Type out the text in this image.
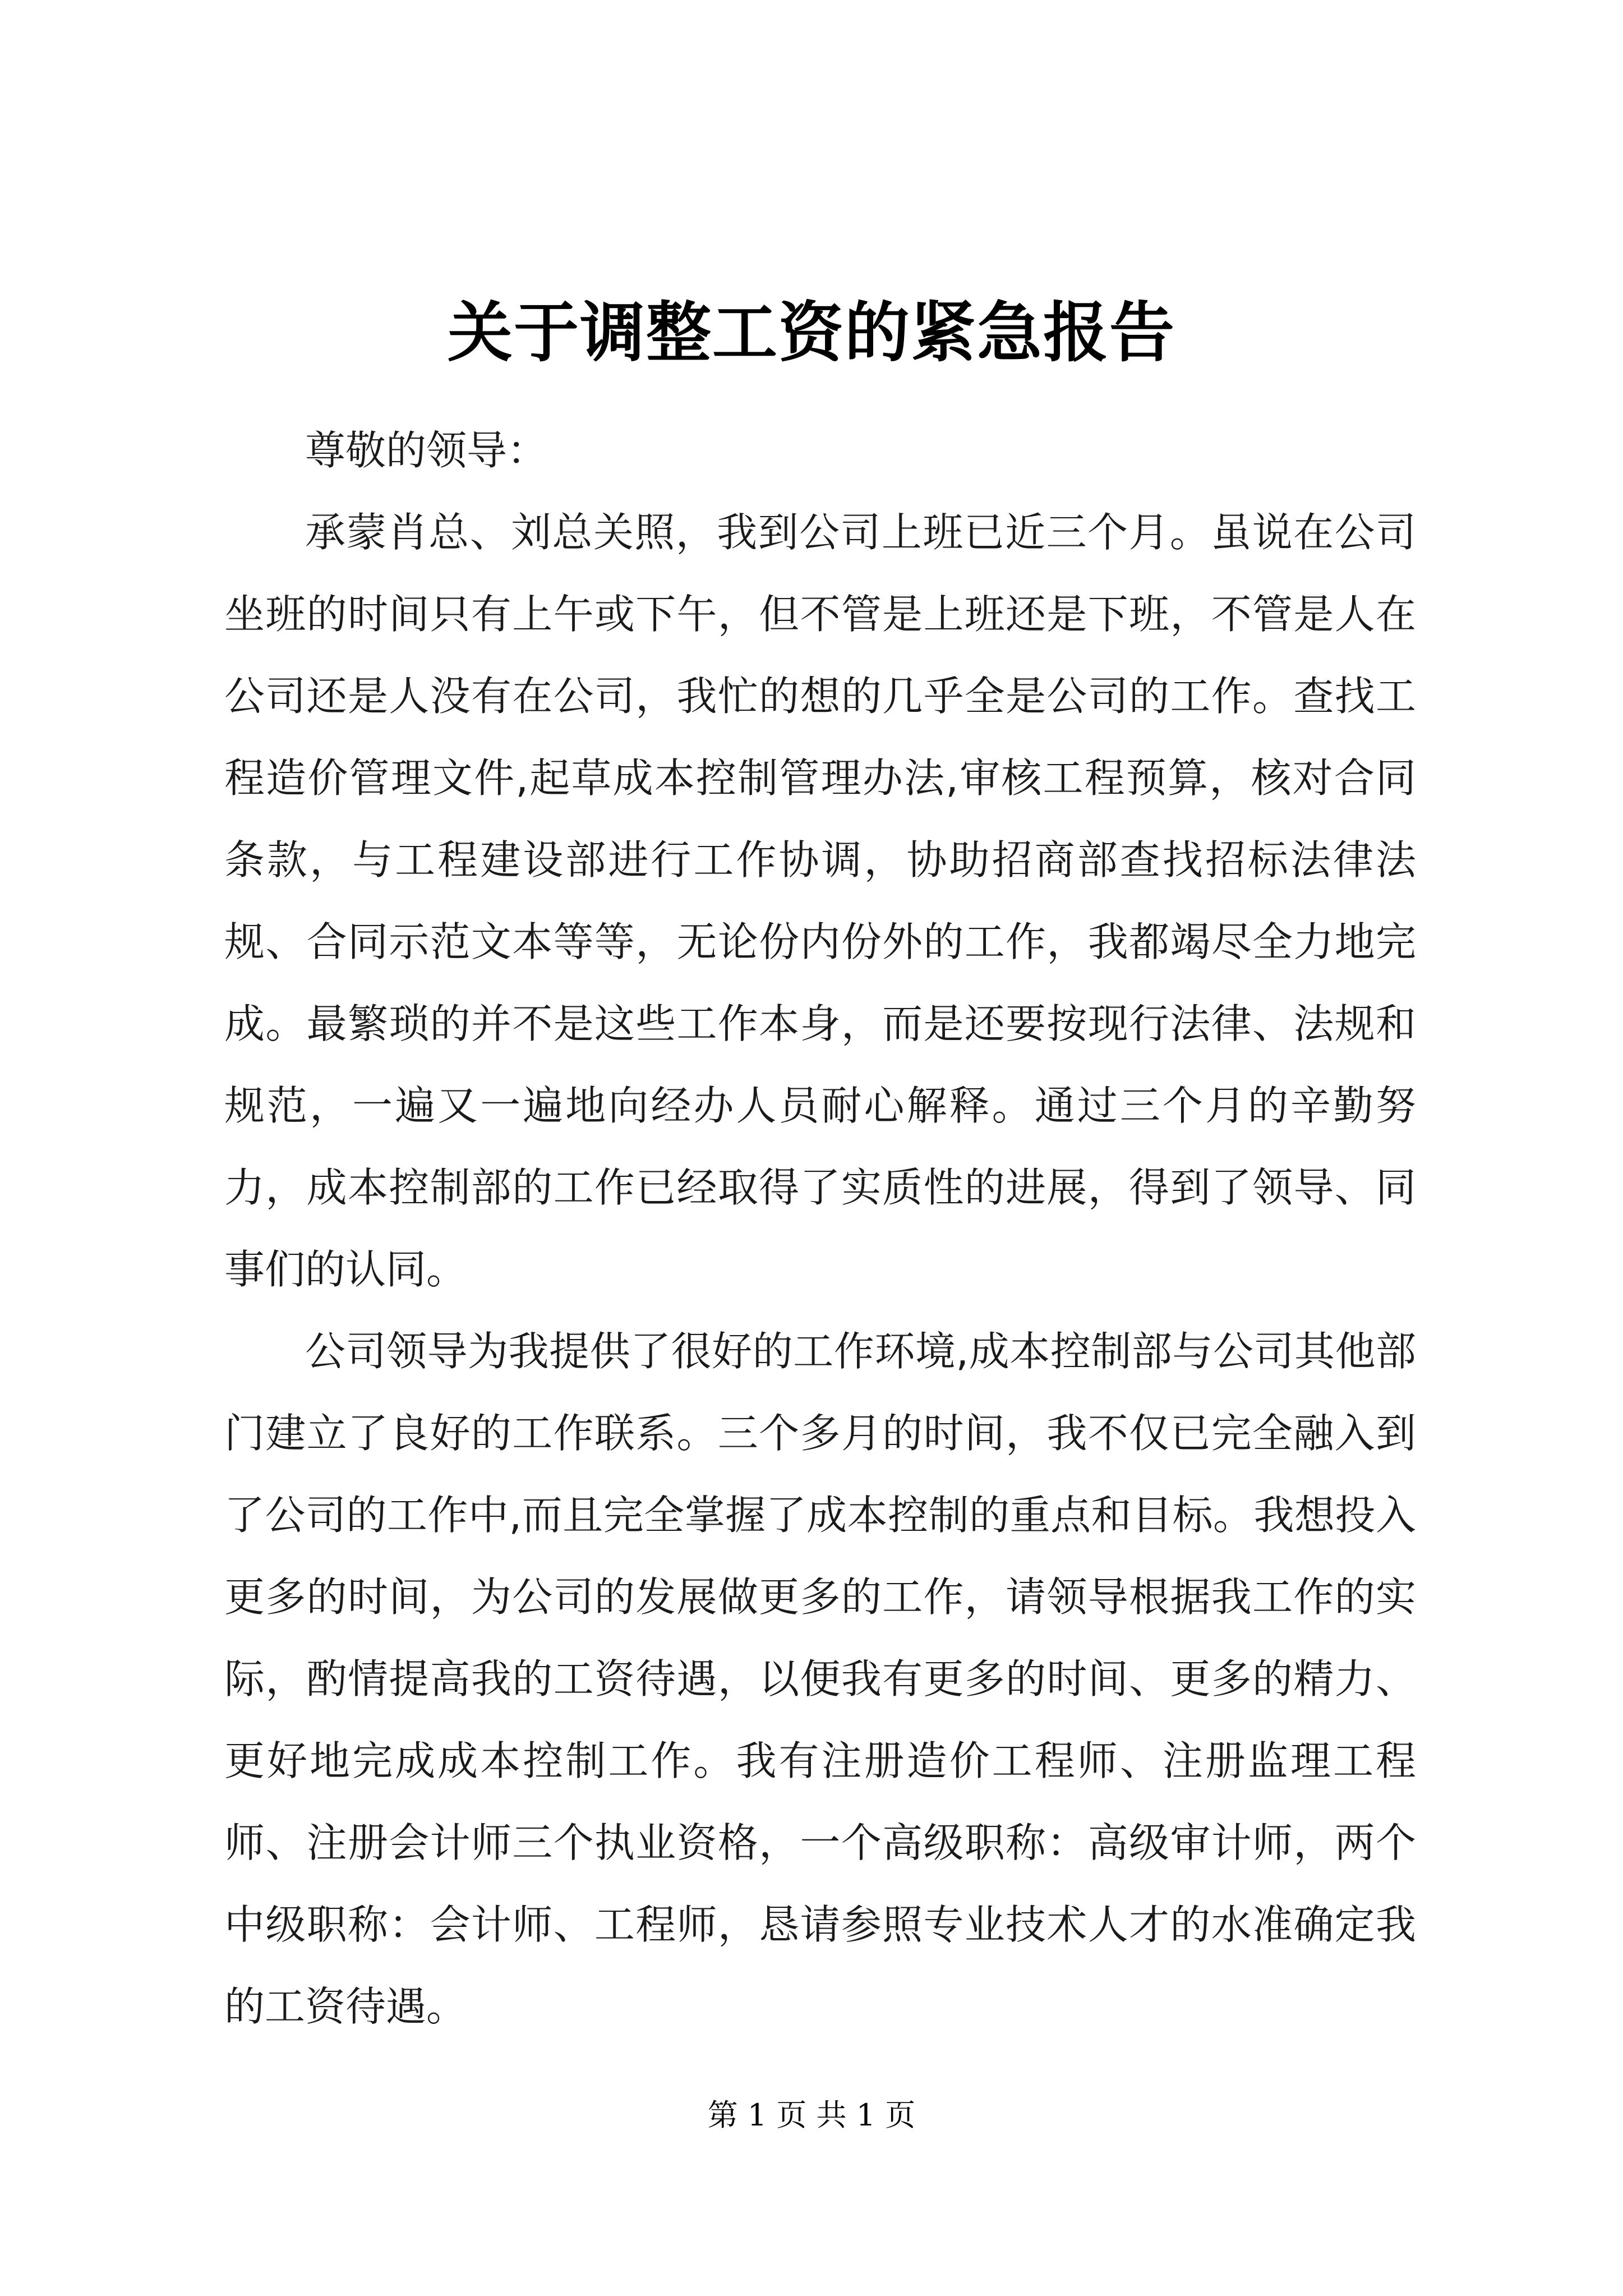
关于调整工资的紧急报告

尊敬的领导：

承蒙肖总、刘总关照，我到公司上班已近三个月。虽说在公司坐班的时间只有上午或下午，但不管是上班还是下班，不管是人在公司还是人没有在公司，我忙的想的几乎全是公司的工作。查找工程造价管理文件,起草成本控制管理办法,审核工程预算，核对合同条款，与工程建设部进行工作协调，协助招商部查找招标法律法规、合同示范文本等等，无论份内份外的工作，我都竭尽全力地完成。最繁琐的并不是这些工作本身，而是还要按现行法律、法规和规范，一遍又一遍地向经办人员耐心解释。通过三个月的辛勤努力，成本控制部的工作已经取得了实质性的进展，得到了领导、同事们的认同。

公司领导为我提供了很好的工作环境,成本控制部与公司其他部门建立了良好的工作联系。三个多月的时间，我不仅已完全融入到了公司的工作中,而且完全掌握了成本控制的重点和目标。我想投入更多的时间，为公司的发展做更多的工作，请领导根据我工作的实际，酌情提高我的工资待遇，以便我有更多的时间、更多的精力、更好地完成成本控制工作。我有注册造价工程师、注册监理工程师、注册会计师三个执业资格，一个高级职称：高级审计师，两个中级职称：会计师、工程师，恳请参照专业技术人才的水准确定我的工资待遇。

第 1 页 共 1 页
